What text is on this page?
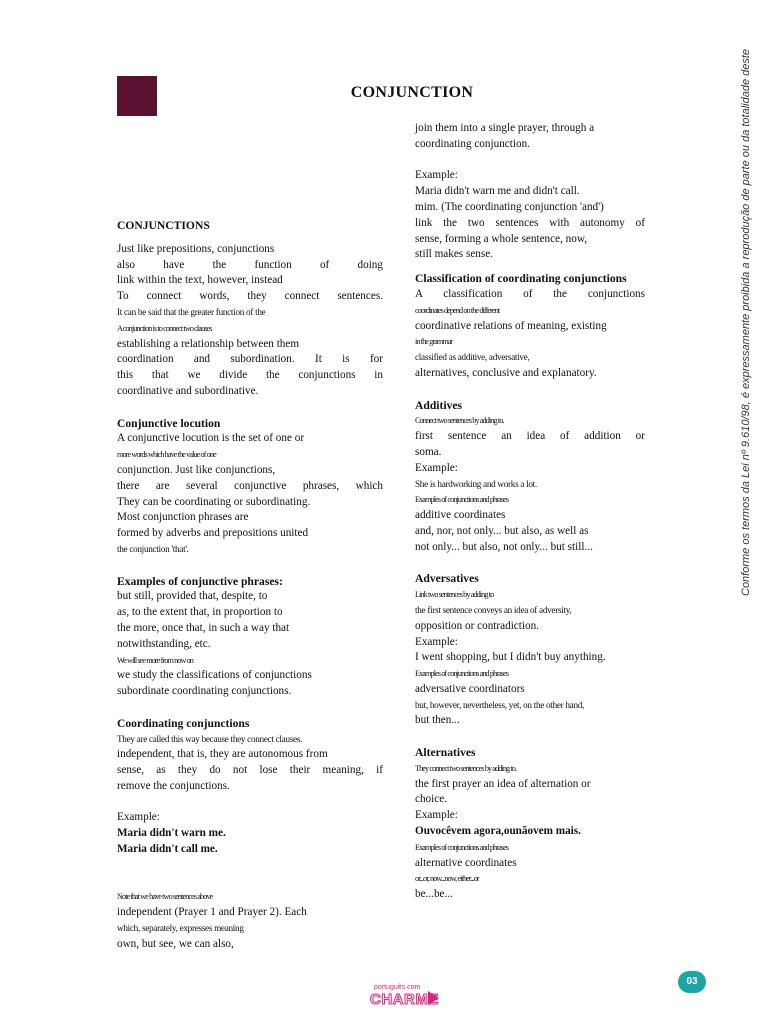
CONJUNCTION

CONJUNCTIONS

Just like prepositions, conjunctions

also have the function of doing

link within the text, however, instead

To connect words, they connect sentences.

It can be said that the greater function of the

A conjunction is to connect two clauses

establishing a relationship between them

coordination and subordination. It is for

this that we divide the conjunctions in

coordinative and subordinative.

Conjunctive locution

A conjunctive locution is the set of one or

more words which have the value of one

conjunction. Just like conjunctions,

there are several conjunctive phrases, which

They can be coordinating or subordinating.

Most conjunction phrases are

formed by adverbs and prepositions united

the conjunction 'that'.

Examples of conjunctive phrases:

but still, provided that, despite, to

as, to the extent that, in proportion to

the more, once that, in such a way that

notwithstanding, etc.

We will see more from now on

we study the classifications of conjunctions

subordinate coordinating conjunctions.

Coordinating conjunctions

They are called this way because they connect clauses.

independent, that is, they are autonomous from

sense, as they do not lose their meaning, if

remove the conjunctions.

Example:

Maria didn't warn me.

Maria didn't call me.

Note that we have two sentences above

independent (Prayer 1 and Prayer 2). Each

which, separately, expresses meaning

own, but see, we can also,

join them into a single prayer, through a

coordinating conjunction.

Example:

Maria didn't warn me and didn't call.

mim. (The coordinating conjunction 'and')

link the two sentences with autonomy of

sense, forming a whole sentence, now,

still makes sense.

Classification of coordinating conjunctions

A classification of the conjunctions

coordinates depend on the different

coordinative relations of meaning, existing

in the grammar

classified as additive, adversative,

alternatives, conclusive and explanatory.

Additives

Connect two sentences by adding to.

first sentence an idea of addition or

soma.

Example:

She is hardworking and works a lot.

Examples of conjunctions and phrases

additive coordinates

and, nor, not only... but also, as well as

not only... but also, not only... but still...

Adversatives

Link two sentences by adding to

the first sentence conveys an idea of adversity,

opposition or contradiction.

Example:

I went shopping, but I didn't buy anything.

Examples of conjunctions and phrases

adversative coordinators

but, however, nevertheless, yet, on the other hand,

but then...

Alternatives

They connect two sentences by adding to.

the first prayer an idea of alternation or

choice.

Example:

Ouvocêvem agora,ounãovem mais.

Examples of conjunctions and phrases

alternative coordinates

or...or, now...now, either...or

be...be...

Conforme os termos da Lei nº 9.610/98, é expressamente proibida a reprodução de parte ou da totalidade deste
português.com
CHARME
03
